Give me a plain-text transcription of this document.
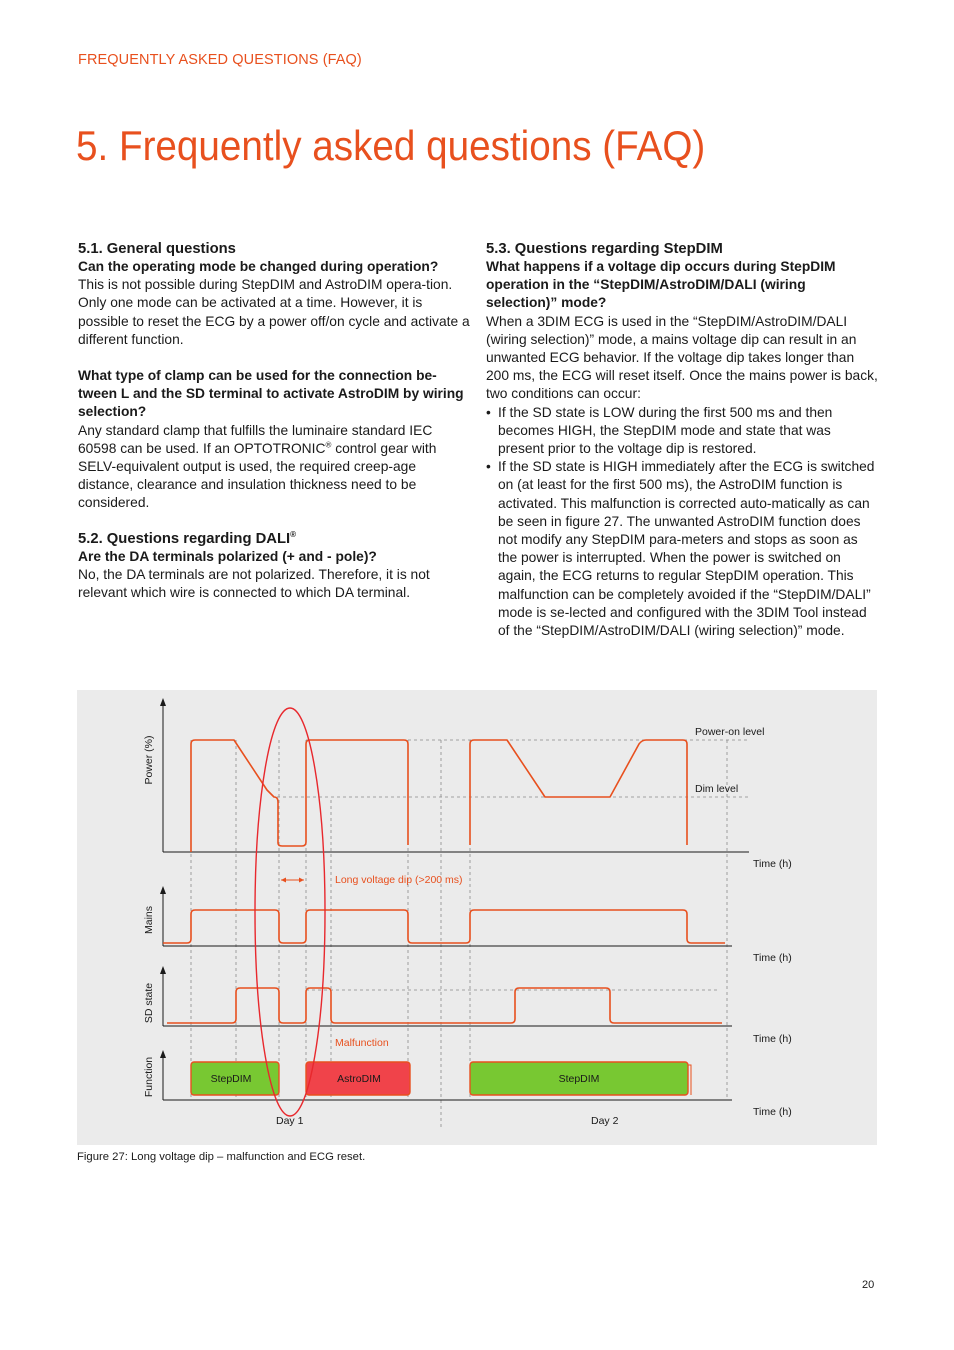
FREQUENTLY ASKED QUESTIONS (FAQ)
5. Frequently asked questions (FAQ)
5.1. General questions

Can the operating mode be changed during operation?

This is not possible during StepDIM and AstroDIM opera-tion. Only one mode can be activated at a time. However, it is possible to reset the ECG by a power off/on cycle and activate a different function.

What type of clamp can be used for the connection be-tween L and the SD terminal to activate AstroDIM by wiring selection?

Any standard clamp that fulfills the luminaire standard IEC 60598 can be used. If an OPTOTRONIC® control gear with SELV-equivalent output is used, the required creep-age distance, clearance and insulation thickness need to be considered.

5.2. Questions regarding DALI®

Are the DA terminals polarized (+ and - pole)?

No, the DA terminals are not polarized. Therefore, it is not relevant which wire is connected to which DA terminal.

5.3. Questions regarding StepDIM

What happens if a voltage dip occurs during StepDIM operation in the “StepDIM/AstroDIM/DALI (wiring selection)” mode?

When a 3DIM ECG is used in the “StepDIM/AstroDIM/DALI (wiring selection)” mode, a mains voltage dip can result in an unwanted ECG behavior. If the voltage dip takes longer than 200 ms, the ECG will reset itself. Once the mains power is back, two conditions can occur:

• If the SD state is LOW during the first 500 ms and then becomes HIGH, the StepDIM mode and state that was present prior to the voltage dip is restored.
• If the SD state is HIGH immediately after the ECG is switched on (at least for the first 500 ms), the AstroDIM function is activated. This malfunction is corrected auto-matically as can be seen in figure 27. The unwanted AstroDIM function does not modify any StepDIM para-meters and stops as soon as the power is interrupted. When the power is switched on again, the ECG returns to regular StepDIM operation. This malfunction can be completely avoided if the “StepDIM/DALI” mode is se-lected and configured with the 3DIM Tool instead of the “StepDIM/AstroDIM/DALI (wiring selection)” mode.
StepDIM	AstroDIM	StepDIM
Power (%)
Mains
SD state
Function
Time (h)
Time (h)
Time (h)
Time (h)
Power-on level
Dim level
Day 1	Day 2
Long voltage dip (>200 ms)
Malfunction
Figure 27: Long voltage dip – malfunction and ECG reset.
20
